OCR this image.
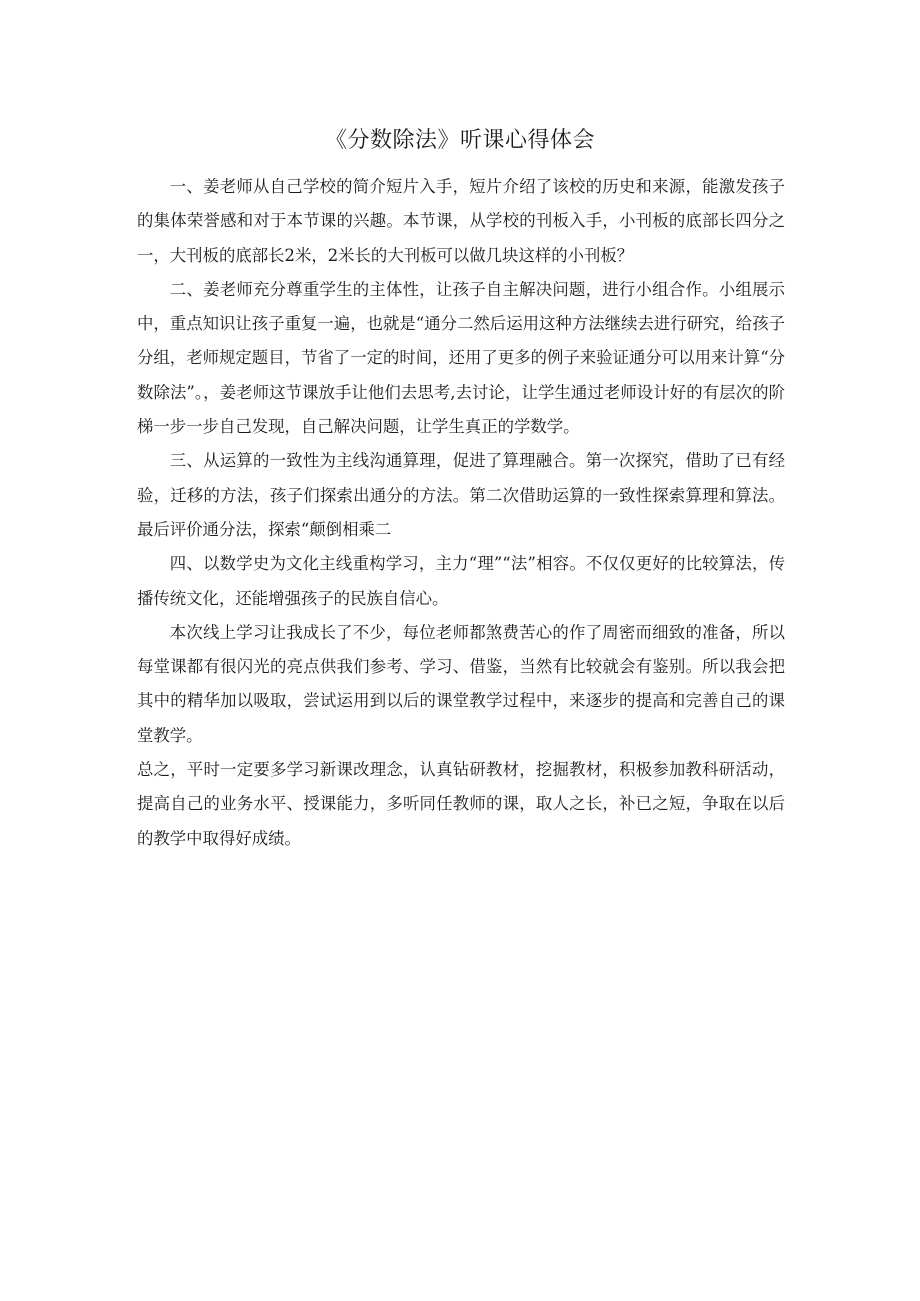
《分数除法》听课心得体会

一、姜老师从自己学校的简介短片入手，短片介绍了该校的历史和来源，能激发孩子的集体荣誉感和对于本节课的兴趣。本节课，从学校的刊板入手，小刊板的底部长四分之一，大刊板的底部长2米，2米长的大刊板可以做几块这样的小刊板？

二、姜老师充分尊重学生的主体性，让孩子自主解决问题，进行小组合作。小组展示中，重点知识让孩子重复一遍，也就是“通分二然后运用这种方法继续去进行研究，给孩子分组，老师规定题目，节省了一定的时间，还用了更多的例子来验证通分可以用来计算“分数除法”。，姜老师这节课放手让他们去思考,去讨论，让学生通过老师设计好的有层次的阶梯一步一步自己发现，自己解决问题，让学生真正的学数学。

三、从运算的一致性为主线沟通算理，促进了算理融合。第一次探究，借助了已有经验，迁移的方法，孩子们探索出通分的方法。第二次借助运算的一致性探索算理和算法。最后评价通分法，探索“颠倒相乘二

四、以数学史为文化主线重构学习，主力“理”“法”相容。不仅仅更好的比较算法，传播传统文化，还能增强孩子的民族自信心。

本次线上学习让我成长了不少，每位老师都煞费苦心的作了周密而细致的准备，所以每堂课都有很闪光的亮点供我们参考、学习、借鉴，当然有比较就会有鉴别。所以我会把其中的精华加以吸取，尝试运用到以后的课堂教学过程中，来逐步的提高和完善自己的课堂教学。

总之，平时一定要多学习新课改理念，认真钻研教材，挖掘教材，积极参加教科研活动，提高自己的业务水平、授课能力，多听同任教师的课，取人之长，补已之短，争取在以后的教学中取得好成绩。
